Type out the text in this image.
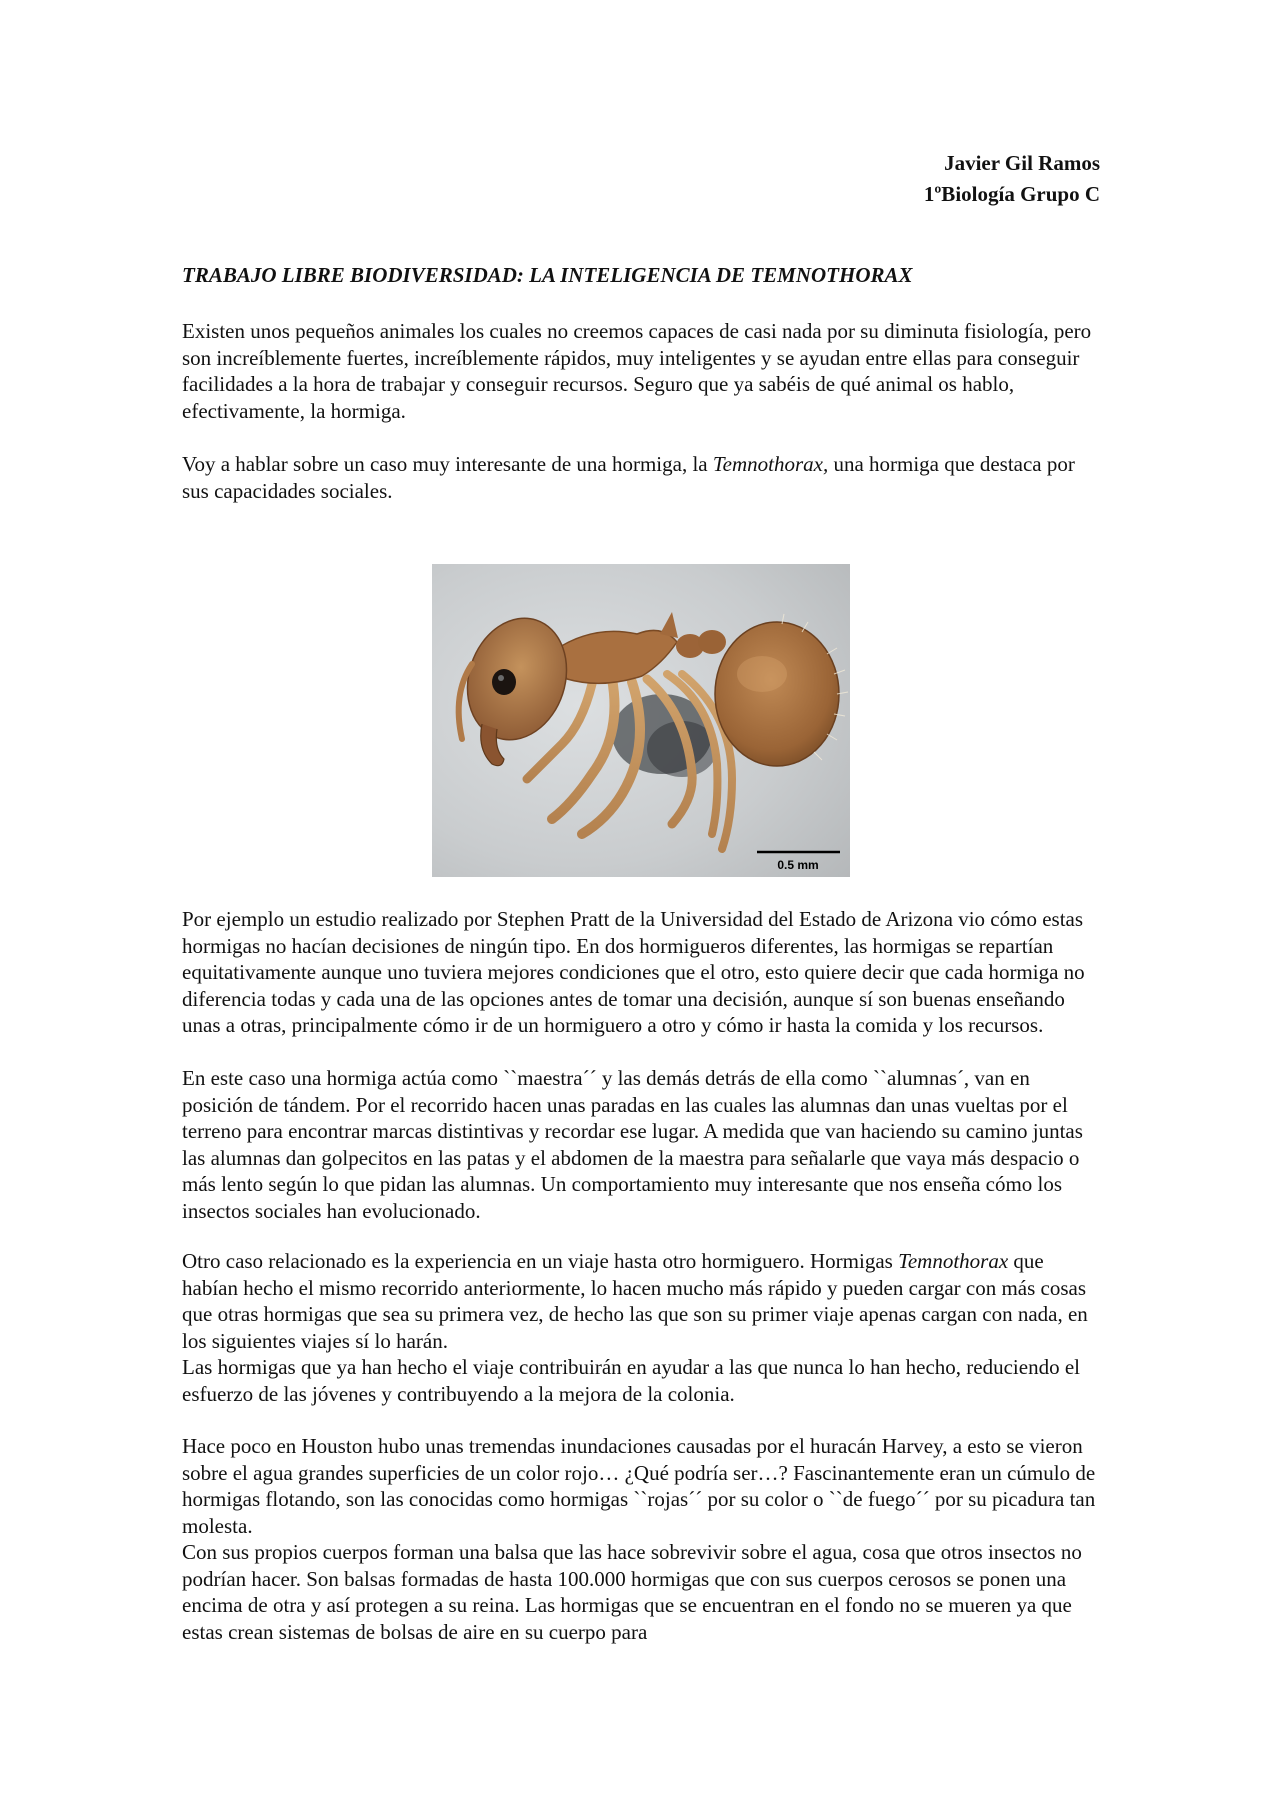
Javier Gil Ramos
1ºBiología Grupo C
TRABAJO LIBRE BIODIVERSIDAD: LA INTELIGENCIA DE TEMNOTHORAX

Existen unos pequeños animales los cuales no creemos capaces de casi nada por su diminuta fisiología, pero son increíblemente fuertes, increíblemente rápidos, muy inteligentes y se ayudan entre ellas para conseguir facilidades a la hora de trabajar y conseguir recursos. Seguro que ya sabéis de qué animal os hablo, efectivamente, la hormiga.

Voy a hablar sobre un caso muy interesante de una hormiga, la Temnothorax, una hormiga que destaca por sus capacidades sociales.

0.5 mm

Por ejemplo un estudio realizado por Stephen Pratt de la Universidad del Estado de Arizona vio cómo estas hormigas no hacían decisiones de ningún tipo. En dos hormigueros diferentes, las hormigas se repartían equitativamente aunque uno tuviera mejores condiciones que el otro, esto quiere decir que cada hormiga no diferencia todas y cada una de las opciones antes de tomar una decisión, aunque sí son buenas enseñando unas a otras, principalmente cómo ir de un hormiguero a otro y cómo ir hasta la comida y los recursos.

En este caso una hormiga actúa como ``maestra´´ y las demás detrás de ella como ``alumnas´, van en posición de tándem. Por el recorrido hacen unas paradas en las cuales las alumnas dan unas vueltas por el terreno para encontrar marcas distintivas y recordar ese lugar. A medida que van haciendo su camino juntas las alumnas dan golpecitos en las patas y el abdomen de la maestra para señalarle que vaya más despacio o más lento según lo que pidan las alumnas. Un comportamiento muy interesante que nos enseña cómo los insectos sociales han evolucionado.

Otro caso relacionado es la experiencia en un viaje hasta otro hormiguero. Hormigas Temnothorax que habían hecho el mismo recorrido anteriormente, lo hacen mucho más rápido y pueden cargar con más cosas que otras hormigas que sea su primera vez, de hecho las que son su primer viaje apenas cargan con nada, en los siguientes viajes sí lo harán.

Las hormigas que ya han hecho el viaje contribuirán en ayudar a las que nunca lo han hecho, reduciendo el esfuerzo de las jóvenes y contribuyendo a la mejora de la colonia.

Hace poco en Houston hubo unas tremendas inundaciones causadas por el huracán Harvey, a esto se vieron sobre el agua grandes superficies de un color rojo… ¿Qué podría ser…? Fascinantemente eran un cúmulo de hormigas flotando, son las conocidas como hormigas ``rojas´´ por su color o ``de fuego´´ por su picadura tan molesta.

Con sus propios cuerpos forman una balsa que las hace sobrevivir sobre el agua, cosa que otros insectos no podrían hacer. Son balsas formadas de hasta 100.000 hormigas que con sus cuerpos cerosos se ponen una encima de otra y así protegen a su reina. Las hormigas que se encuentran en el fondo no se mueren ya que estas crean sistemas de bolsas de aire en su cuerpo para
